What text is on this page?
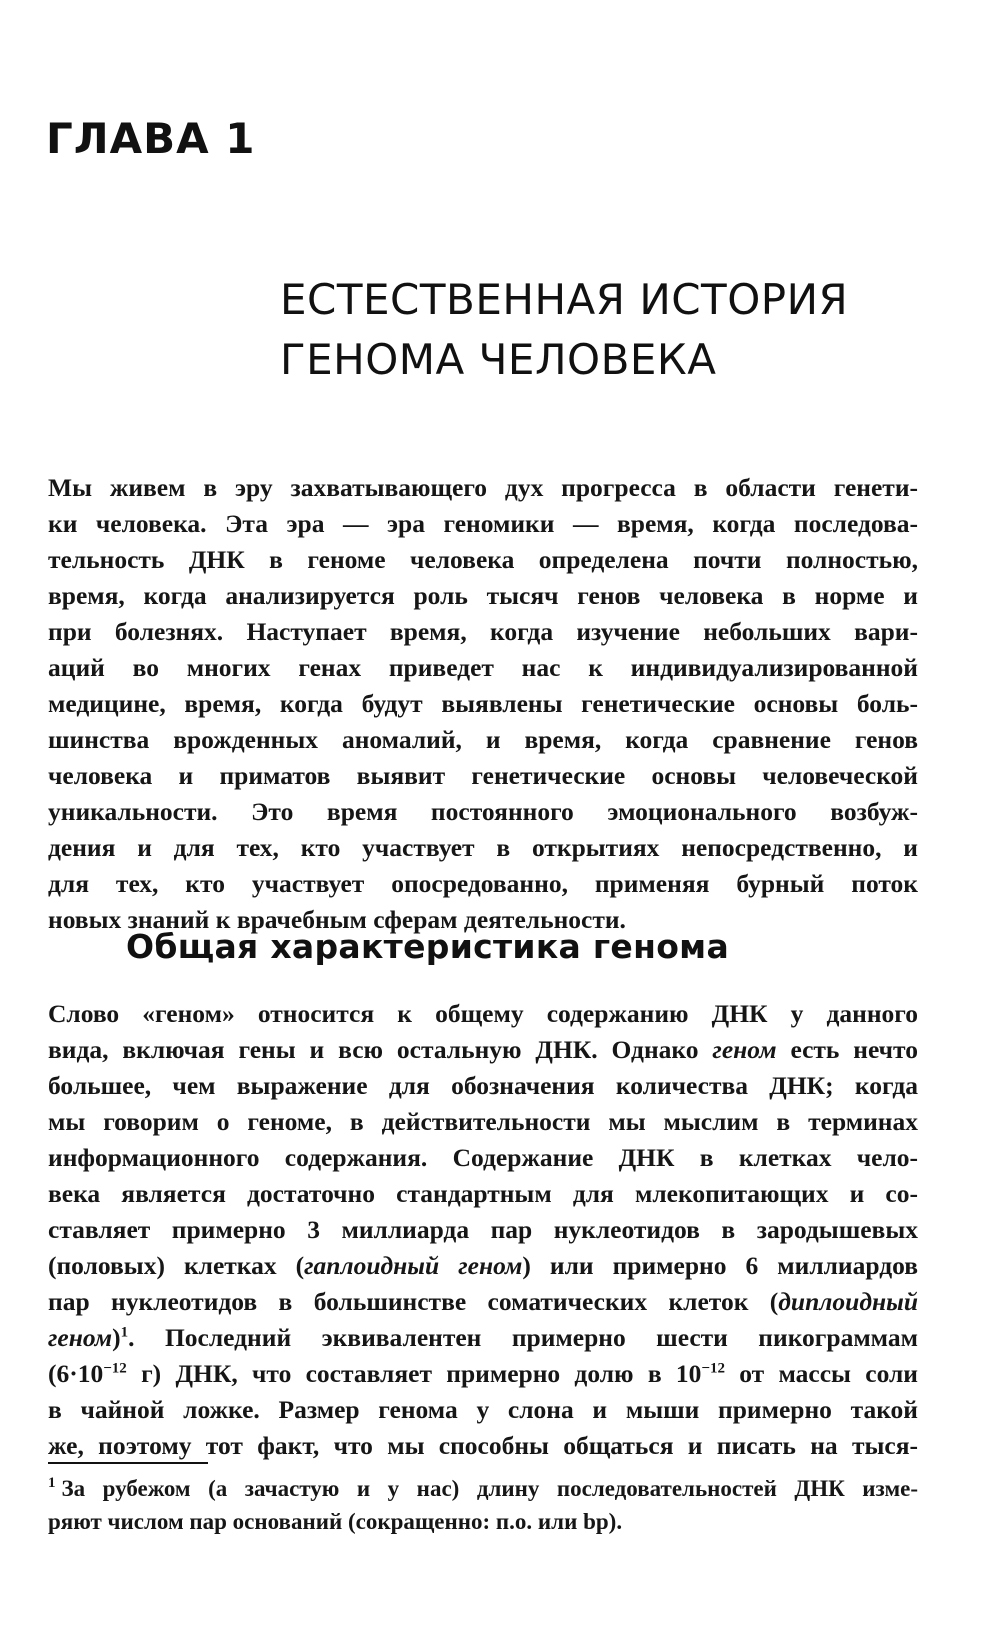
ГЛАВА 1
ЕСТЕСТВЕННАЯ ИСТОРИЯ
ГЕНОМА ЧЕЛОВЕКА
Мы живем в эру захватывающего дух прогресса в области генети-
ки человека. Эта эра — эра геномики — время, когда последова-
тельность ДНК в геноме человека определена почти полностью,
время, когда анализируется роль тысяч генов человека в норме и
при болезнях. Наступает время, когда изучение небольших вари-
аций во многих генах приведет нас к индивидуализированной
медицине, время, когда будут выявлены генетические основы боль-
шинства врожденных аномалий, и время, когда сравнение генов
человека и приматов выявит генетические основы человеческой
уникальности. Это время постоянного эмоционального возбуж-
дения и для тех, кто участвует в открытиях непосредственно, и
для тех, кто участвует опосредованно, применяя бурный поток
новых знаний к врачебным сферам деятельности.
Общая характеристика генома
Слово «геном» относится к общему содержанию ДНК у данного
вида, включая гены и всю остальную ДНК. Однако геном есть нечто
большее, чем выражение для обозначения количества ДНК; когда
мы говорим о геноме, в действительности мы мыслим в терминах
информационного содержания. Содержание ДНК в клетках чело-
века является достаточно стандартным для млекопитающих и со-
ставляет примерно 3 миллиарда пар нуклеотидов в зародышевых
(половых) клетках (гаплоидный геном) или примерно 6 миллиардов
пар нуклеотидов в большинстве соматических клеток (диплоидный
геном)$^1$. Последний эквивалентен примерно шести пикограммам
($6\cdot 10^{-12}$ г) ДНК, что составляет примерно долю в $10^{-12}$ от массы соли
в чайной ложке. Размер генома у слона и мыши примерно такой
же, поэтому тот факт, что мы способны общаться и писать на тыся-
$^1$ За рубежом (а зачастую и у нас) длину последовательностей ДНК изме-
ряют числом пар оснований (сокращенно: п.о. или bp).
